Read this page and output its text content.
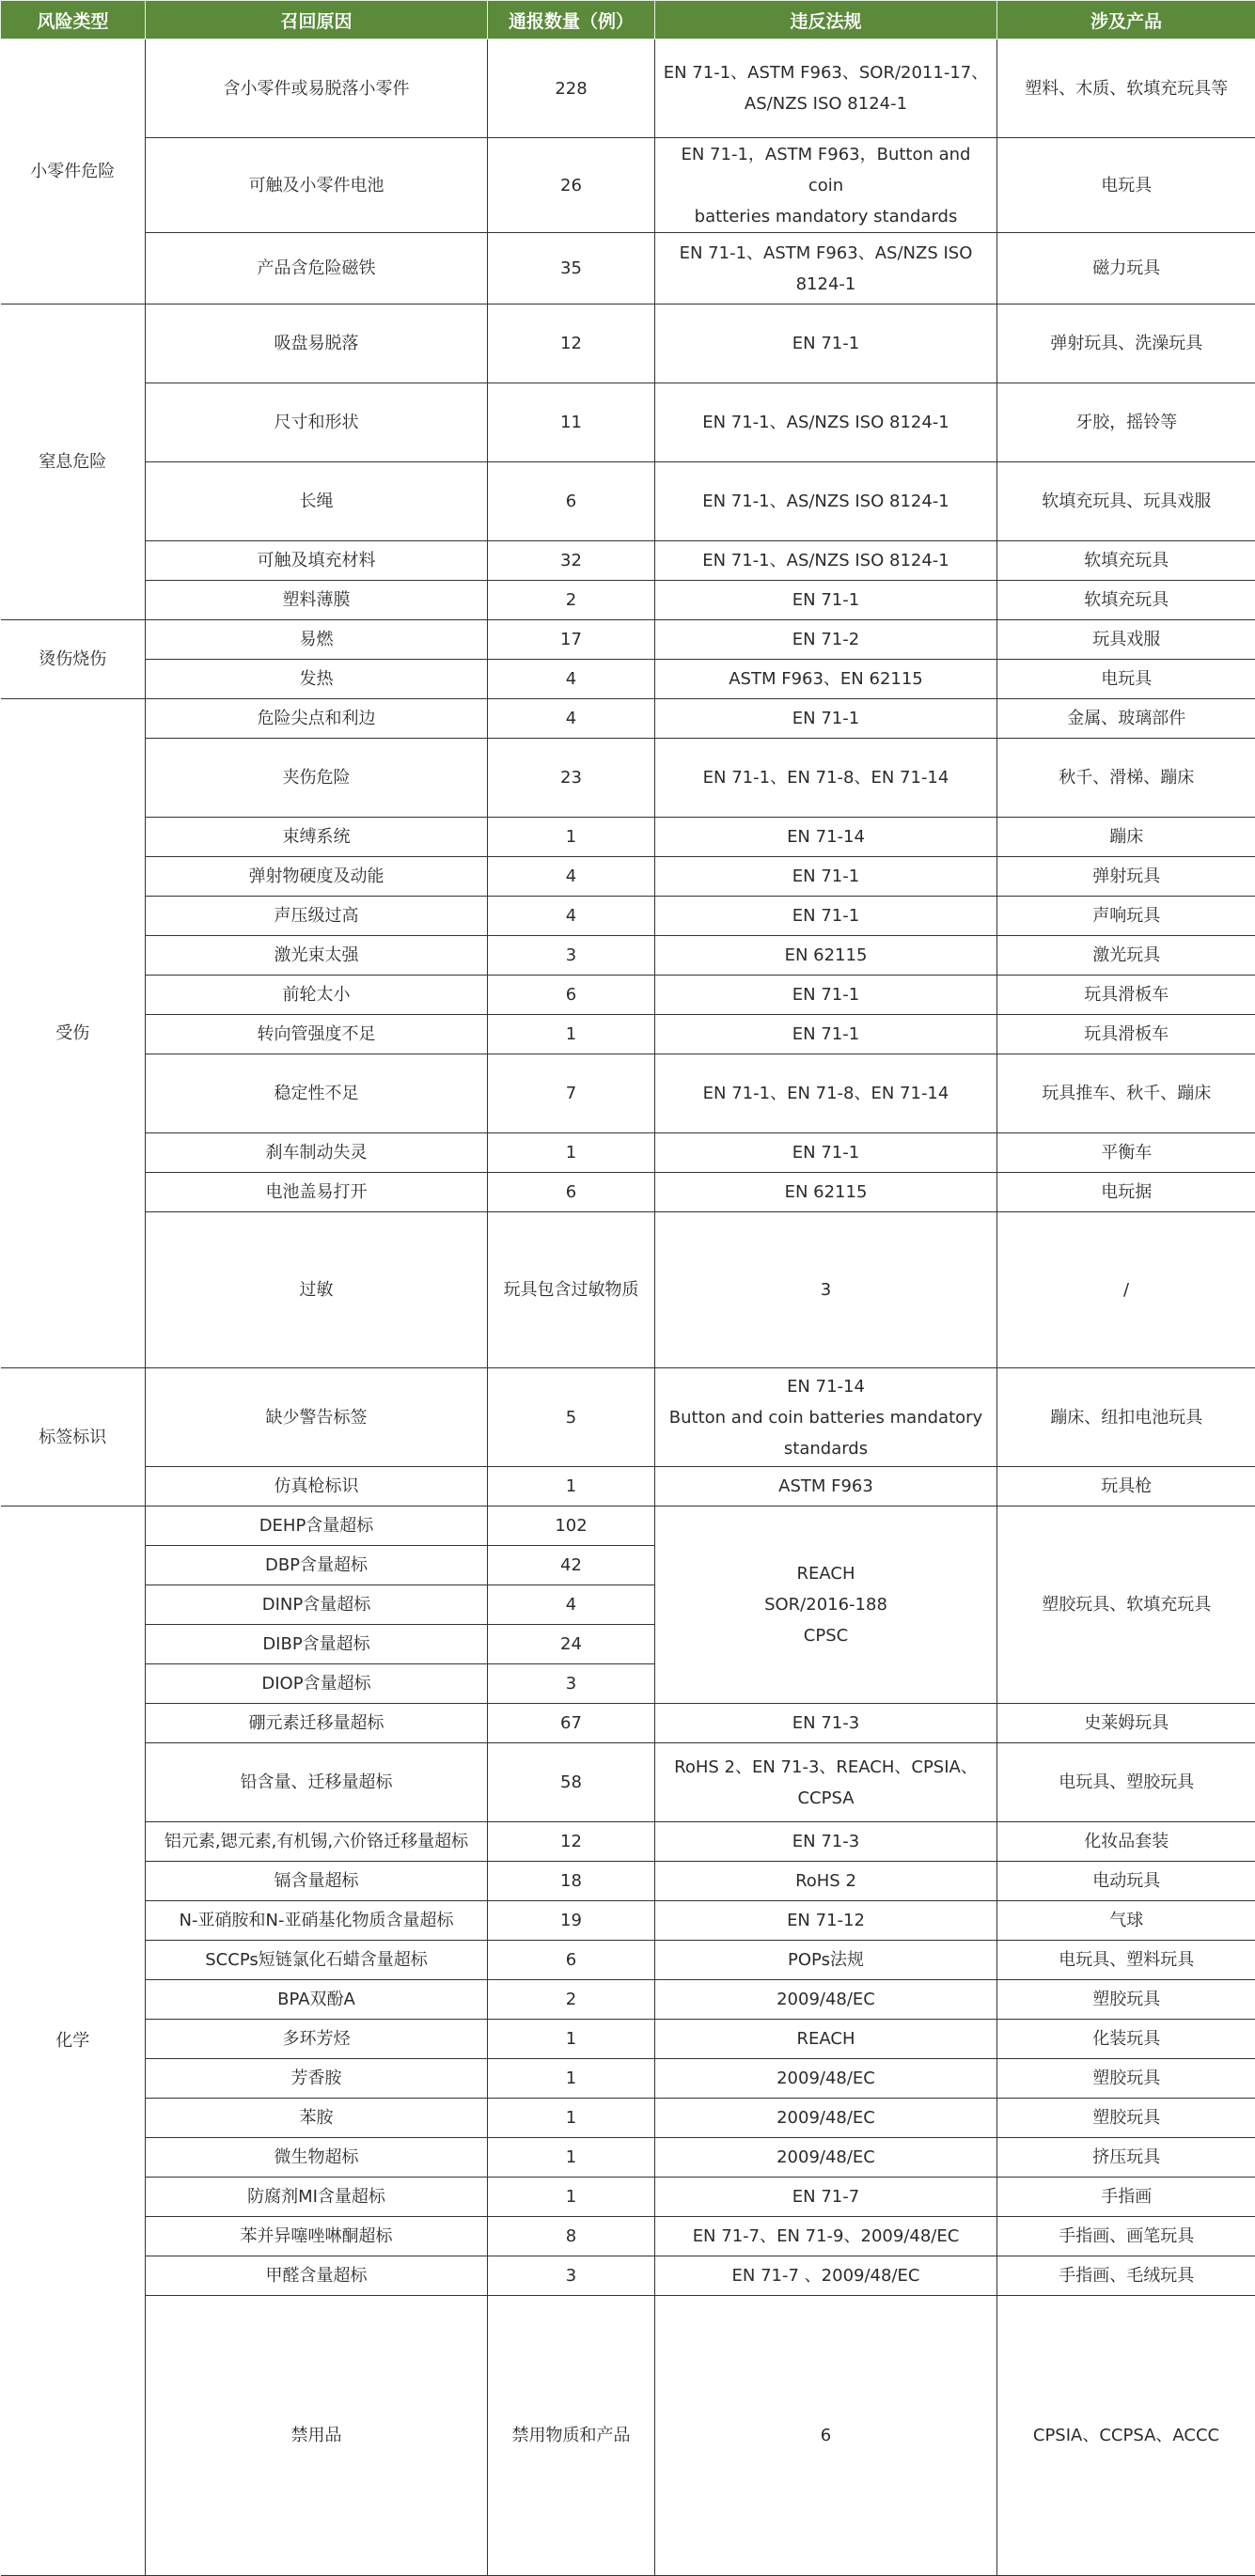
风险类型	召回原因	通报数量（例）	违反法规	涉及产品	
小零件危险	含小零件或易脱落小零件	228	EN 71-1、ASTM F963、SOR/2011-17、
AS/NZS ISO 8124-1	塑料、木质、软填充玩具等	
	可触及小零件电池	26	EN 71-1，ASTM F963，Button and coin
batteries mandatory standards	电玩具	
	产品含危险磁铁	35	EN 71-1、ASTM F963、AS/NZS ISO
8124-1	磁力玩具	
窒息危险	吸盘易脱落	12	EN 71-1	弹射玩具、洗澡玩具	
	尺寸和形状	11	EN 71-1、AS/NZS ISO 8124-1	牙胶，摇铃等	
	长绳	6	EN 71-1、AS/NZS ISO 8124-1	软填充玩具、玩具戏服	
	可触及填充材料	32	EN 71-1、AS/NZS ISO 8124-1	软填充玩具	
	塑料薄膜	2	EN 71-1	软填充玩具	
烫伤烧伤	易燃	17	EN 71-2	玩具戏服	
	发热	4	ASTM F963、EN 62115	电玩具	
受伤	危险尖点和利边	4	EN 71-1	金属、玻璃部件	
	夹伤危险	23	EN 71-1、EN 71-8、EN 71-14	秋千、滑梯、蹦床	
	束缚系统	1	EN 71-14	蹦床	
	弹射物硬度及动能	4	EN 71-1	弹射玩具	
	声压级过高	4	EN 71-1	声响玩具	
	激光束太强	3	EN 62115	激光玩具	
	前轮太小	6	EN 71-1	玩具滑板车	
	转向管强度不足	1	EN 71-1	玩具滑板车	
	稳定性不足	7	EN 71-1、EN 71-8、EN 71-14	玩具推车、秋千、蹦床	
	刹车制动失灵	1	EN 71-1	平衡车	
	电池盖易打开	6	EN 62115	电玩据	
	过敏	玩具包含过敏物质	3	/

标签标识	缺少警告标签	5	EN 71-14
Button and coin batteries mandatory
standards	蹦床、纽扣电池玩具	
	仿真枪标识	1	ASTM F963	玩具枪	
化学	DEHP含量超标	102	REACH
SOR/2016-188
CPSC	塑胶玩具、软填充玩具	
	DBP含量超标	42			
	DINP含量超标	4			
	DIBP含量超标	24			
	DIOP含量超标	3			
	硼元素迁移量超标	67	EN 71-3	史莱姆玩具	
	铅含量、迁移量超标	58	RoHS 2、EN 71-3、REACH、CPSIA、
CCPSA	电玩具、塑胶玩具	
	铝元素,锶元素,有机锡,六价铬迁移量超标	12	EN 71-3	化妆品套装	
	镉含量超标	18	RoHS 2	电动玩具	
	N-亚硝胺和N-亚硝基化物质含量超标	19	EN 71-12	气球	
	SCCPs短链氯化石蜡含量超标	6	POPs法规	电玩具、塑料玩具	
	BPA双酚A	2	2009/48/EC	塑胶玩具	
	多环芳烃	1	REACH	化装玩具	
	芳香胺	1	2009/48/EC	塑胶玩具	
	苯胺	1	2009/48/EC	塑胶玩具	
	微生物超标	1	2009/48/EC	挤压玩具	
	防腐剂MI含量超标	1	EN 71-7	手指画	
	苯并异噻唑啉酮超标	8	EN 71-7、EN 71-9、2009/48/EC	手指画、画笔玩具	
	甲醛含量超标	3	EN 71-7 、2009/48/EC	手指画、毛绒玩具	
	禁用品	禁用物质和产品	6	CPSIA、CCPSA、ACCC
